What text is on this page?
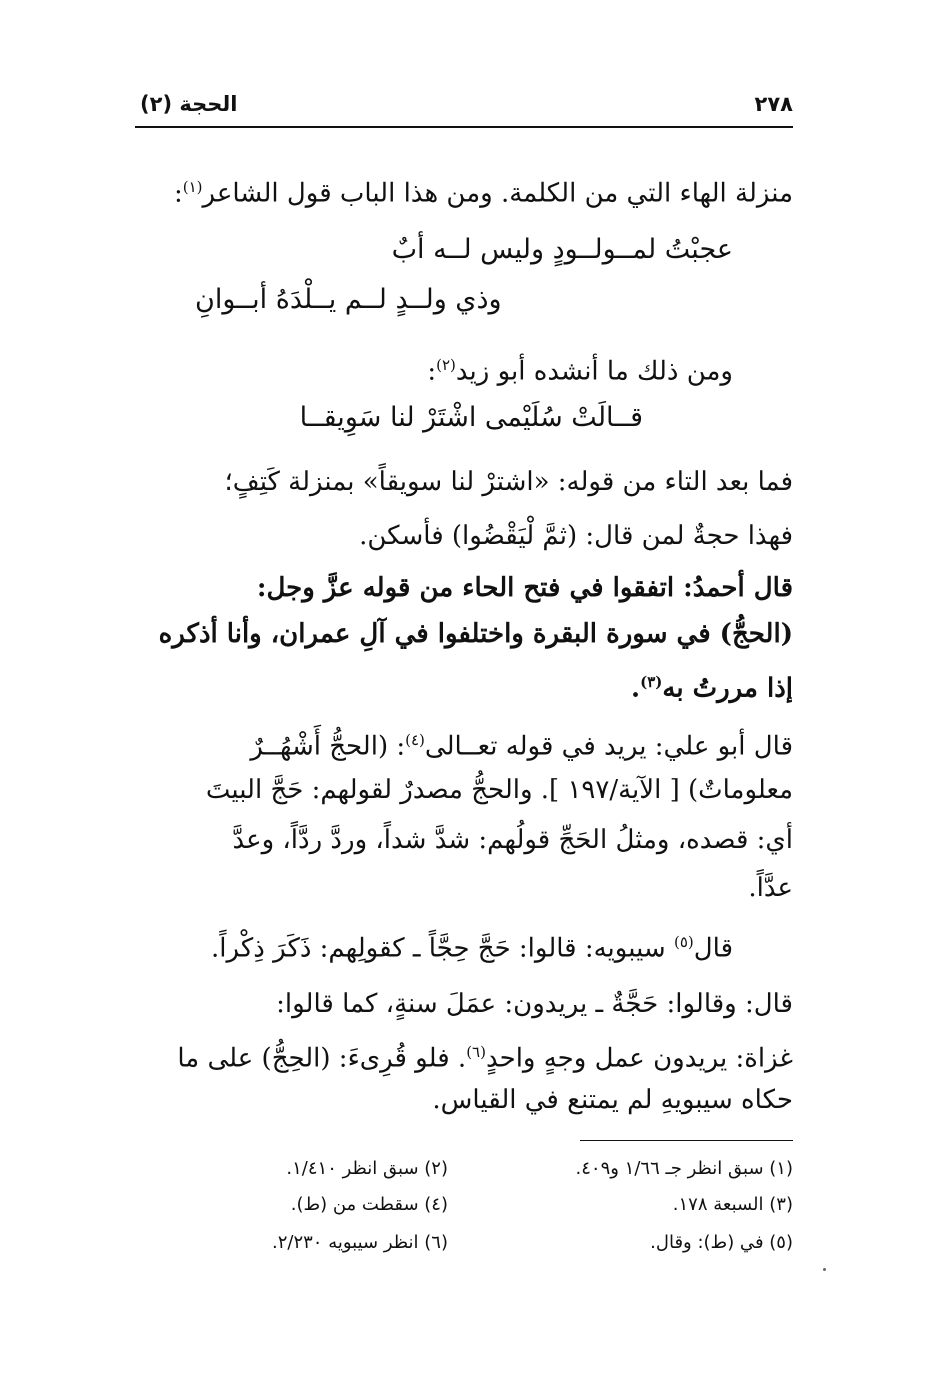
٢٧٨
الحجة (٢)
منزلة الهاء التي من الكلمة. ومن هذا الباب قول الشاعر$^{(١)}$:
عجبْتُ لمــولــودٍ وليس لــه أبٌ
وذي ولــدٍ لــم يــلْدَهُ أبــوانِ
ومن ذلك ما أنشده أبو زيد$^{(٢)}$:
قــالَتْ سُلَيْمى اشْتَرْ لنا سَوِيقــا
فما بعد التاء من قوله: «اشترْ لنا سويقاً» بمنزلة كَتِفٍ؛
فهذا حجةٌ لمن قال: (ثمَّ لْيَقْضُوا) فأسكن.
قال أحمدُ: اتفقوا في فتح الحاء من قوله عزَّ وجل:
(الحجُّ) في سورة البقرة واختلفوا في آلِ عمران، وأنا أذكره
إذا مررتُ به$^{(٣)}$.
قال أبو علي: يريد في قوله تعــالى$^{(٤)}$: (الحجُّ أَشْهُــرٌ
معلوماتٌ) [ الآية/١٩٧ ]. والحجُّ مصدرٌ لقولهم: حَجَّ البيتَ
أي: قصده، ومثلُ الحَجِّ قولُهم: شدَّ شداً، وردَّ ردَّاً، وعدَّ
عدَّاً.
قال$^{(٥)}$ سيبويه: قالوا: حَجَّ حِجَّاً ـ كقولِهم: ذَكَرَ ذِكْراً.
قال: وقالوا: حَجَّةٌ ـ يريدون: عمَلَ سنةٍ، كما قالوا:
غزاة: يريدون عمل وجهٍ واحدٍ$^{(٦)}$. فلو قُرِىءَ: (الحِجُّ) على ما
حكاه سيبويهِ لم يمتنع في القياس.
(١) سبق انظر جـ ١/٦٦ و٤٠٩.
(٢) سبق انظر ١/٤١٠.
(٣) السبعة ١٧٨.
(٤) سقطت من (ط).
(٥) في (ط): وقال.
(٦) انظر سيبويه ٢/٢٣٠.
